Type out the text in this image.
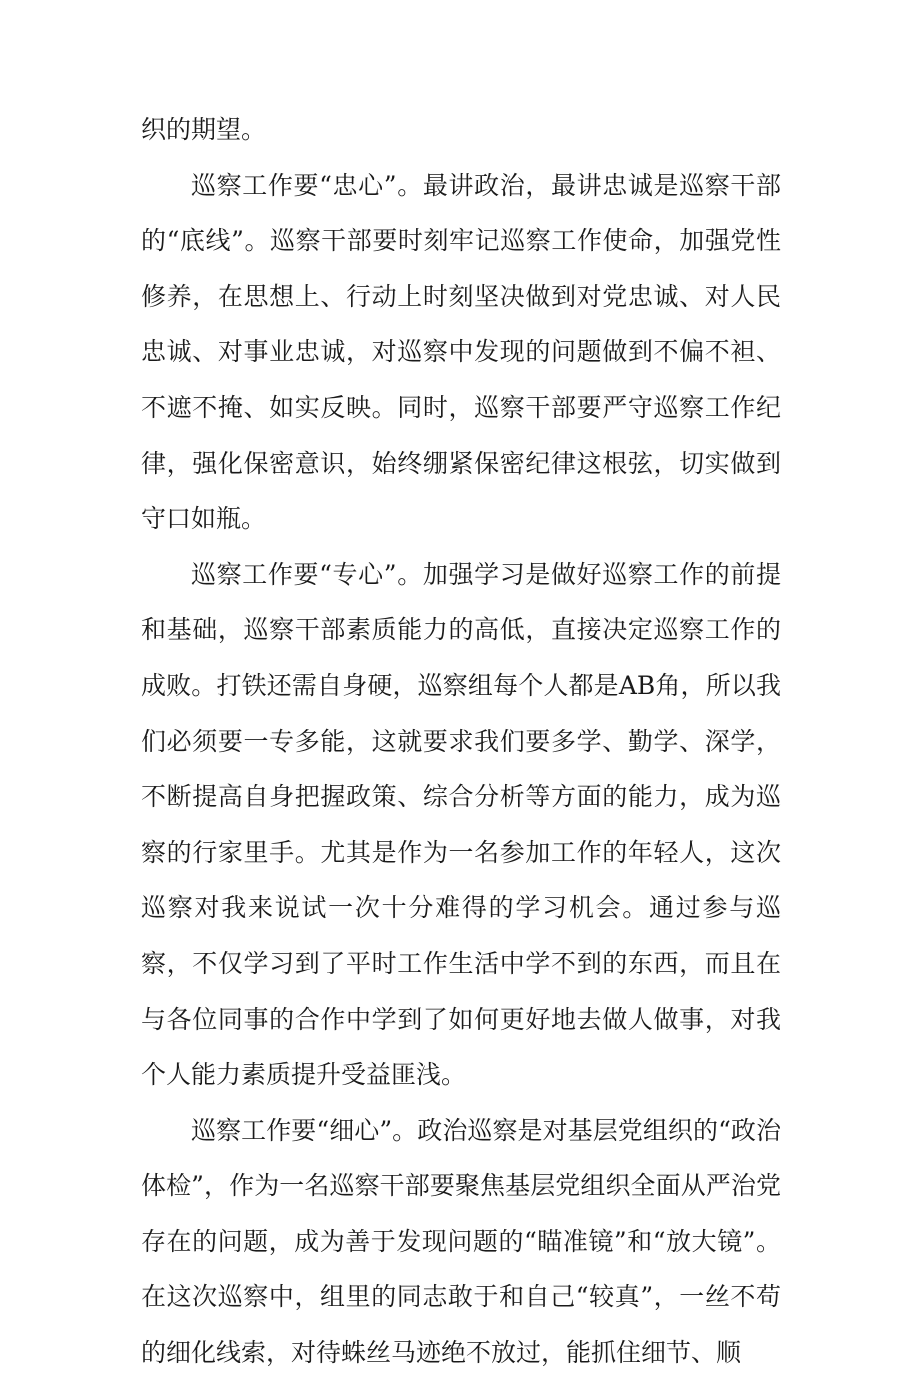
织的期望。

巡察工作要“忠心”。最讲政治，最讲忠诚是巡察干部的“底线”。巡察干部要时刻牢记巡察工作使命，加强党性修养，在思想上、行动上时刻坚决做到对党忠诚、对人民忠诚、对事业忠诚，对巡察中发现的问题做到不偏不袒、不遮不掩、如实反映。同时，巡察干部要严守巡察工作纪律，强化保密意识，始终绷紧保密纪律这根弦，切实做到守口如瓶。

巡察工作要“专心”。加强学习是做好巡察工作的前提和基础，巡察干部素质能力的高低，直接决定巡察工作的成败。打铁还需自身硬，巡察组每个人都是AB角，所以我们必须要一专多能，这就要求我们要多学、勤学、深学，不断提高自身把握政策、综合分析等方面的能力，成为巡察的行家里手。尤其是作为一名参加工作的年轻人，这次巡察对我来说试一次十分难得的学习机会。通过参与巡察，不仅学习到了平时工作生活中学不到的东西，而且在与各位同事的合作中学到了如何更好地去做人做事，对我个人能力素质提升受益匪浅。

巡察工作要“细心”。政治巡察是对基层党组织的“政治体检”，作为一名巡察干部要聚焦基层党组织全面从严治党存在的问题，成为善于发现问题的“瞄准镜”和“放大镜”。在这次巡察中，组里的同志敢于和自己“较真”，一丝不苟的细化线索，对待蛛丝马迹绝不放过，能抓住细节、顺
